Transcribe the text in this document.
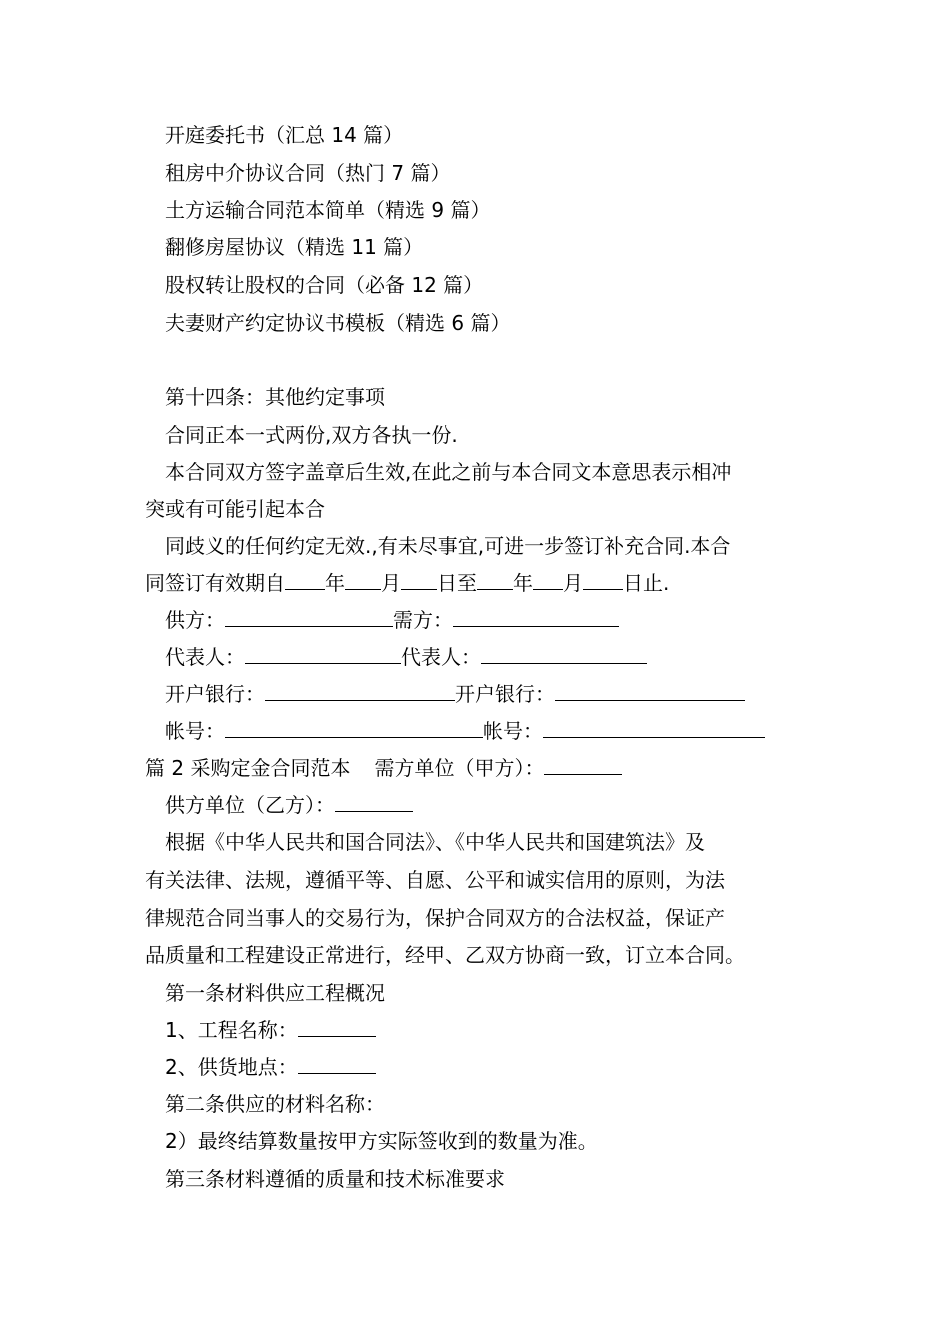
开庭委托书（汇总 14 篇）
租房中介协议合同（热门 7 篇）
土方运输合同范本简单（精选 9 篇）
翻修房屋协议（精选 11 篇）
股权转让股权的合同（必备 12 篇）
夫妻财产约定协议书模板（精选 6 篇）
第十四条：其他约定事项
合同正本一式两份,双方各执一份.
本合同双方签字盖章后生效,在此之前与本合同文本意思表示相冲
突或有可能引起本合
同歧义的任何约定无效.,有未尽事宜,可进一步签订补充合同.本合
同签订有效期自 年 月 日至 年 月 日止.
供方：	需方：
代表人：	代表人：
开户银行：	开户银行：
帐号：	帐号：
篇 2 采购定金合同范本 需方单位（甲方）：
供方单位（乙方）：
根据《中华人民共和国合同法》、《中华人民共和国建筑法》及
有关法律、法规，遵循平等、自愿、公平和诚实信用的原则，为法
律规范合同当事人的交易行为，保护合同双方的合法权益，保证产
品质量和工程建设正常进行，经甲、乙双方协商一致，订立本合同。
第一条材料供应工程概况
1、工程名称：
2、供货地点：
第二条供应的材料名称：
2）最终结算数量按甲方实际签收到的数量为准。
第三条材料遵循的质量和技术标准要求
